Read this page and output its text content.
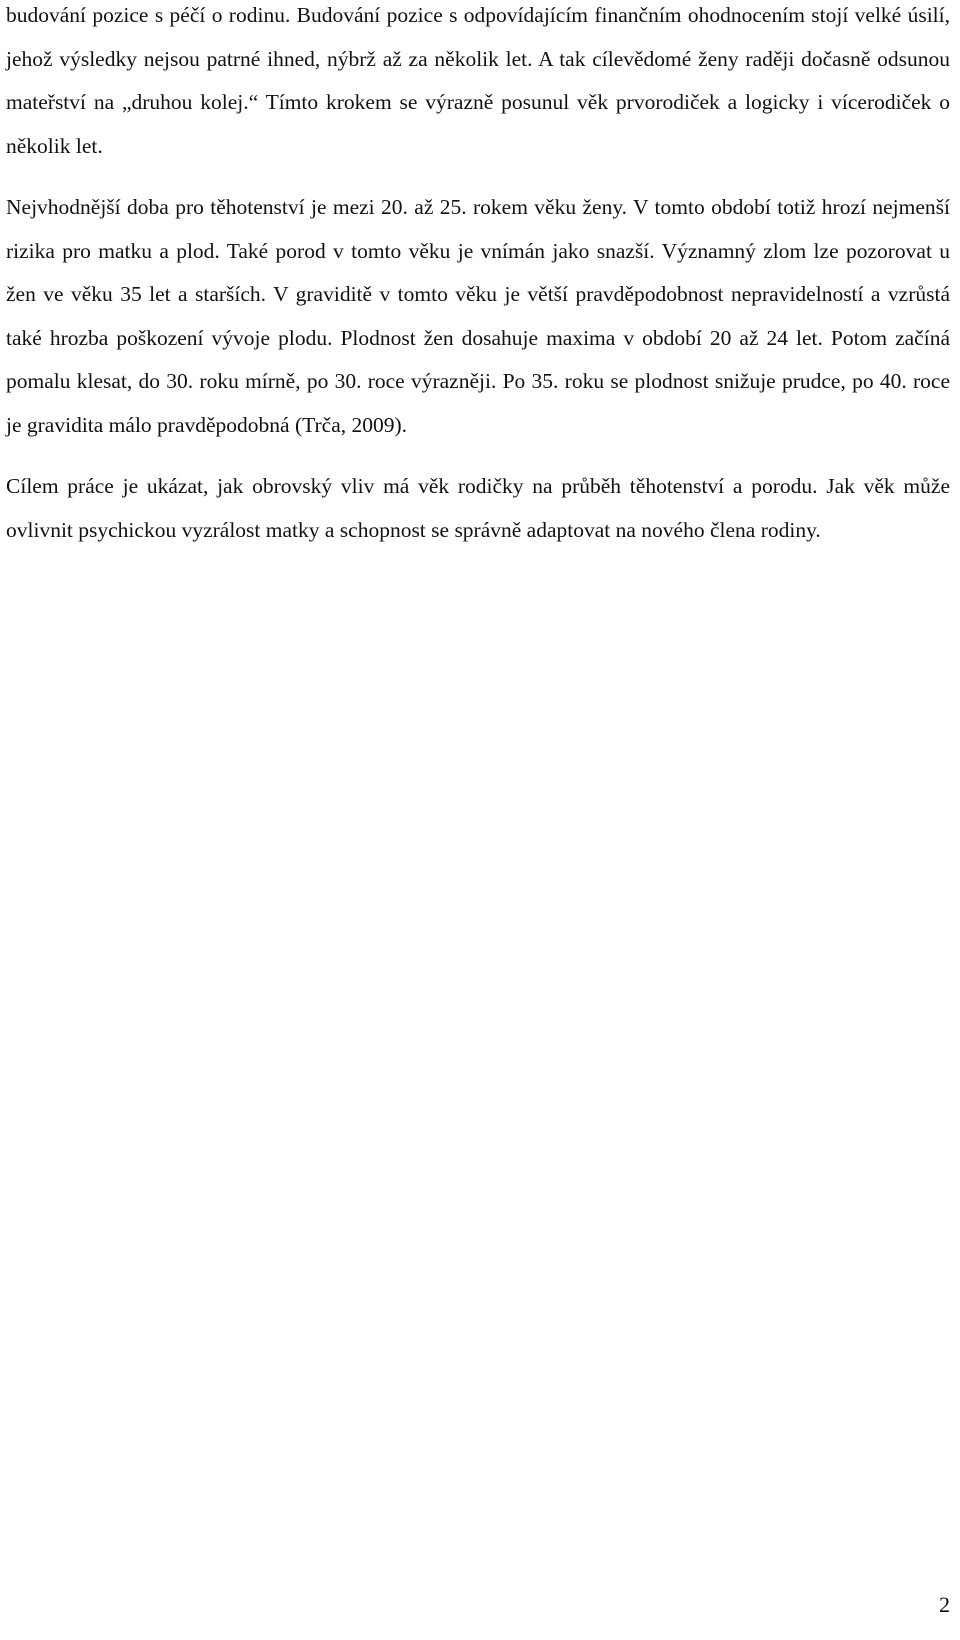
budování pozice s péčí o rodinu. Budování pozice s odpovídajícím finančním ohodnocením stojí velké úsilí, jehož výsledky nejsou patrné ihned, nýbrž až za několik let. A tak cílevědomé ženy raději dočasně odsunou mateřství na „druhou kolej.“ Tímto krokem se výrazně posunul věk prvorodiček a logicky i vícerodiček o několik let.

Nejvhodnější doba pro těhotenství je mezi 20. až 25. rokem věku ženy. V tomto období totiž hrozí nejmenší rizika pro matku a plod. Také porod v tomto věku je vnímán jako snazší. Významný zlom lze pozorovat u žen ve věku 35 let a starších. V graviditě v tomto věku je větší pravděpodobnost nepravidelností a vzrůstá také hrozba poškození vývoje plodu. Plodnost žen dosahuje maxima v období 20 až 24 let. Potom začíná pomalu klesat, do 30. roku mírně, po 30. roce výrazněji. Po 35. roku se plodnost snižuje prudce, po 40. roce je gravidita málo pravděpodobná (Trča, 2009).

Cílem práce je ukázat, jak obrovský vliv má věk rodičky na průběh těhotenství a porodu. Jak věk může ovlivnit psychickou vyzrálost matky a schopnost se správně adaptovat na nového člena rodiny.

2
